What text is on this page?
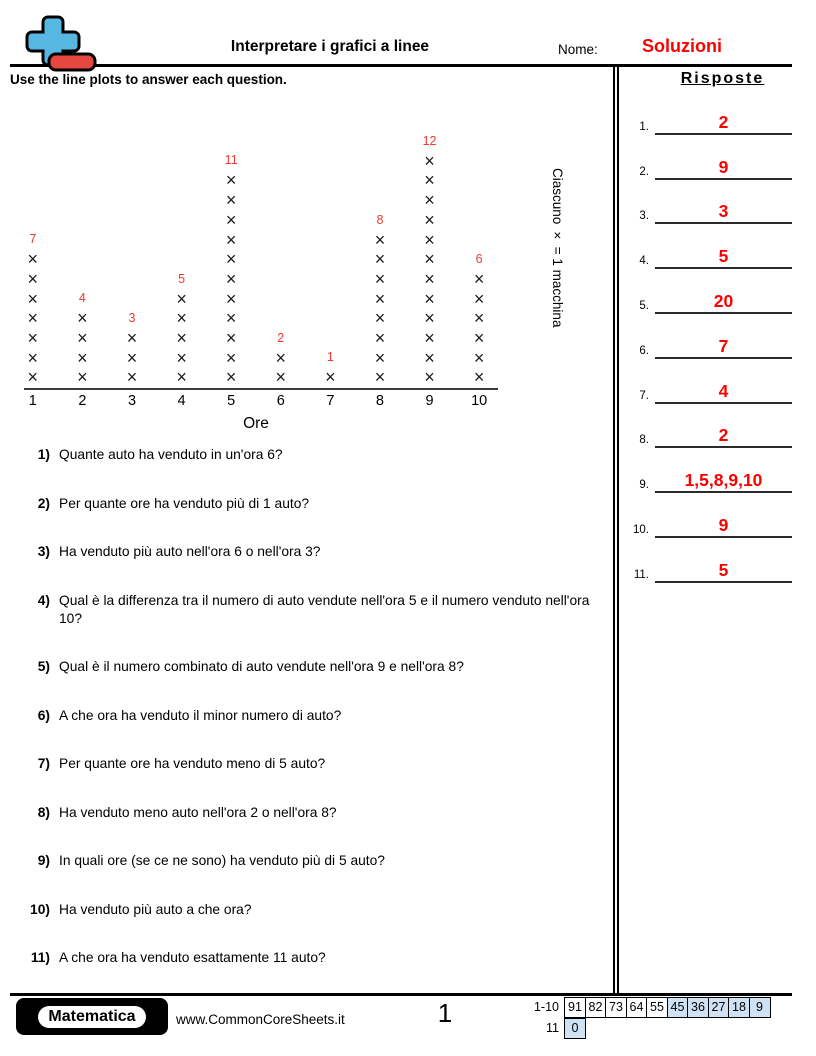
Interpretare i grafici a linee	Nome:	Soluzioni
Use the line plots to answer each question.
7
×
×
×
×
×
×
×
4
×
×
×
×
3
×
×
×
5
×
×
×
×
×
11
×
×
×
×
×
×
×
×
×
×
×
2
×
×
1
×
8
×
×
×
×
×
×
×
×
12
×
×
×
×
×
×
×
×
×
×
×
×
6
×
×
×
×
×
×
1	2	3	4	5	6	7	8	9	10
Ore
Ciascuno × = 1 macchina
Risposte
1.	2
2.	9
3.	3
4.	5
5.	20
6.	7
7.	4
8.	2
9.	1,5,8,9,10
10.	9
11.	5
1) Quante auto ha venduto in un'ora 6?
2) Per quante ore ha venduto più di 1 auto?
3) Ha venduto più auto nell'ora 6 o nell'ora 3?
4) Qual è la differenza tra il numero di auto vendute nell'ora 5 e il numero venduto nell'ora 10?
5) Qual è il numero combinato di auto vendute nell'ora 9 e nell'ora 8?
6) A che ora ha venduto il minor numero di auto?
7) Per quante ore ha venduto meno di 5 auto?
8) Ha venduto meno auto nell'ora 2 o nell'ora 8?
9) In quali ore (se ce ne sono) ha venduto più di 5 auto?
10) Ha venduto più auto a che ora?
11) A che ora ha venduto esattamente 11 auto?
Matematica	www.CommonCoreSheets.it	1	1-10 91 82 73 64 55 45 36 27 18 9
11	0
